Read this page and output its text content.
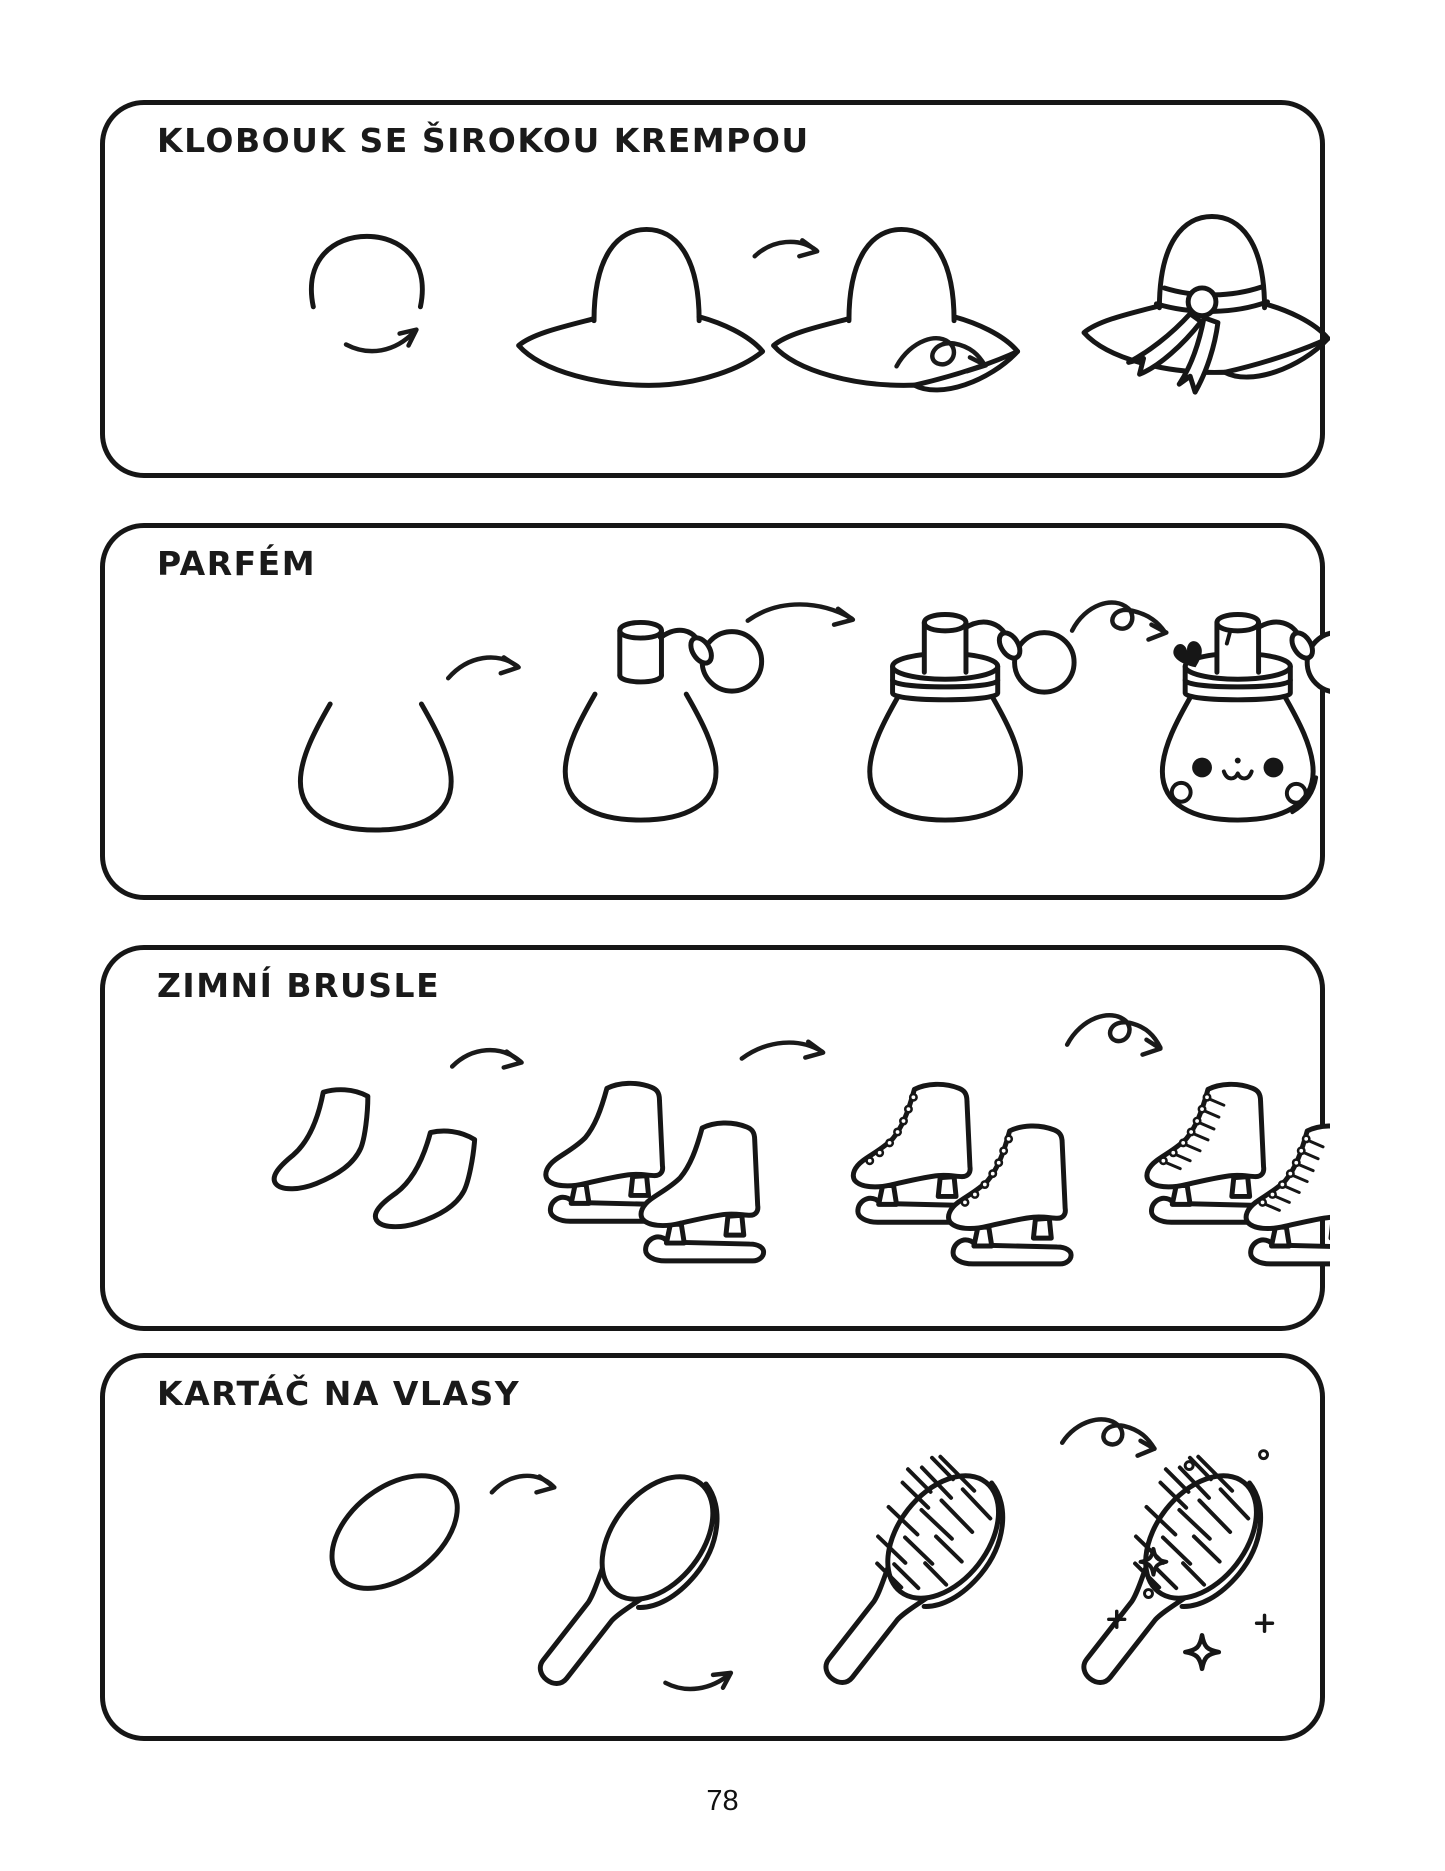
KLOBOUK SE ŠIROKOU KREMPOU
PARFÉM
ZIMNÍ BRUSLE
KARTÁČ NA VLASY
78
